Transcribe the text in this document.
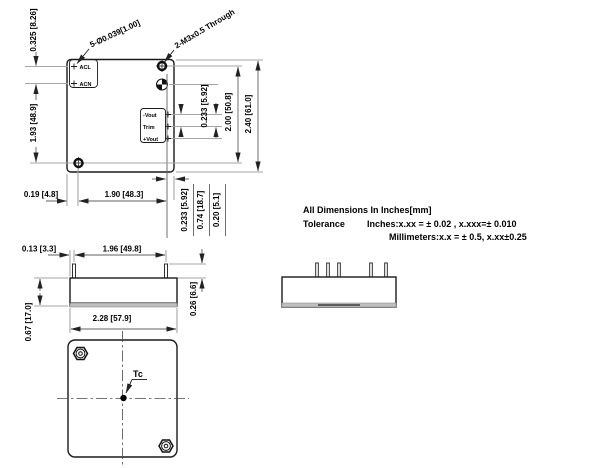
ACL
ACN
-Vout
Trim
+Vout
0.233 [5.92] 2.00 [50.8] 2.40 [61.0]
0.325 [8.26]
1.93 [48.9]
0.19 [4.8]	1.90 [48.3]	0.233 [5.92] 0.74 [18.7] 0.20 [5.1]
5-Ø0.039[1.00]	2-M3x0.5 Through
All Dimensions In Inches[mm]
Tolerance Inches:x.xx = ± 0.02 , x.xxx=± 0.010
Millimeters:x.x = ± 0.5, x.xx±0.25
0.13 [3.3]	1.96 [49.8]
0.26 [6.6]
0.67 [17.0]	2.28 [57.9]
Tc
